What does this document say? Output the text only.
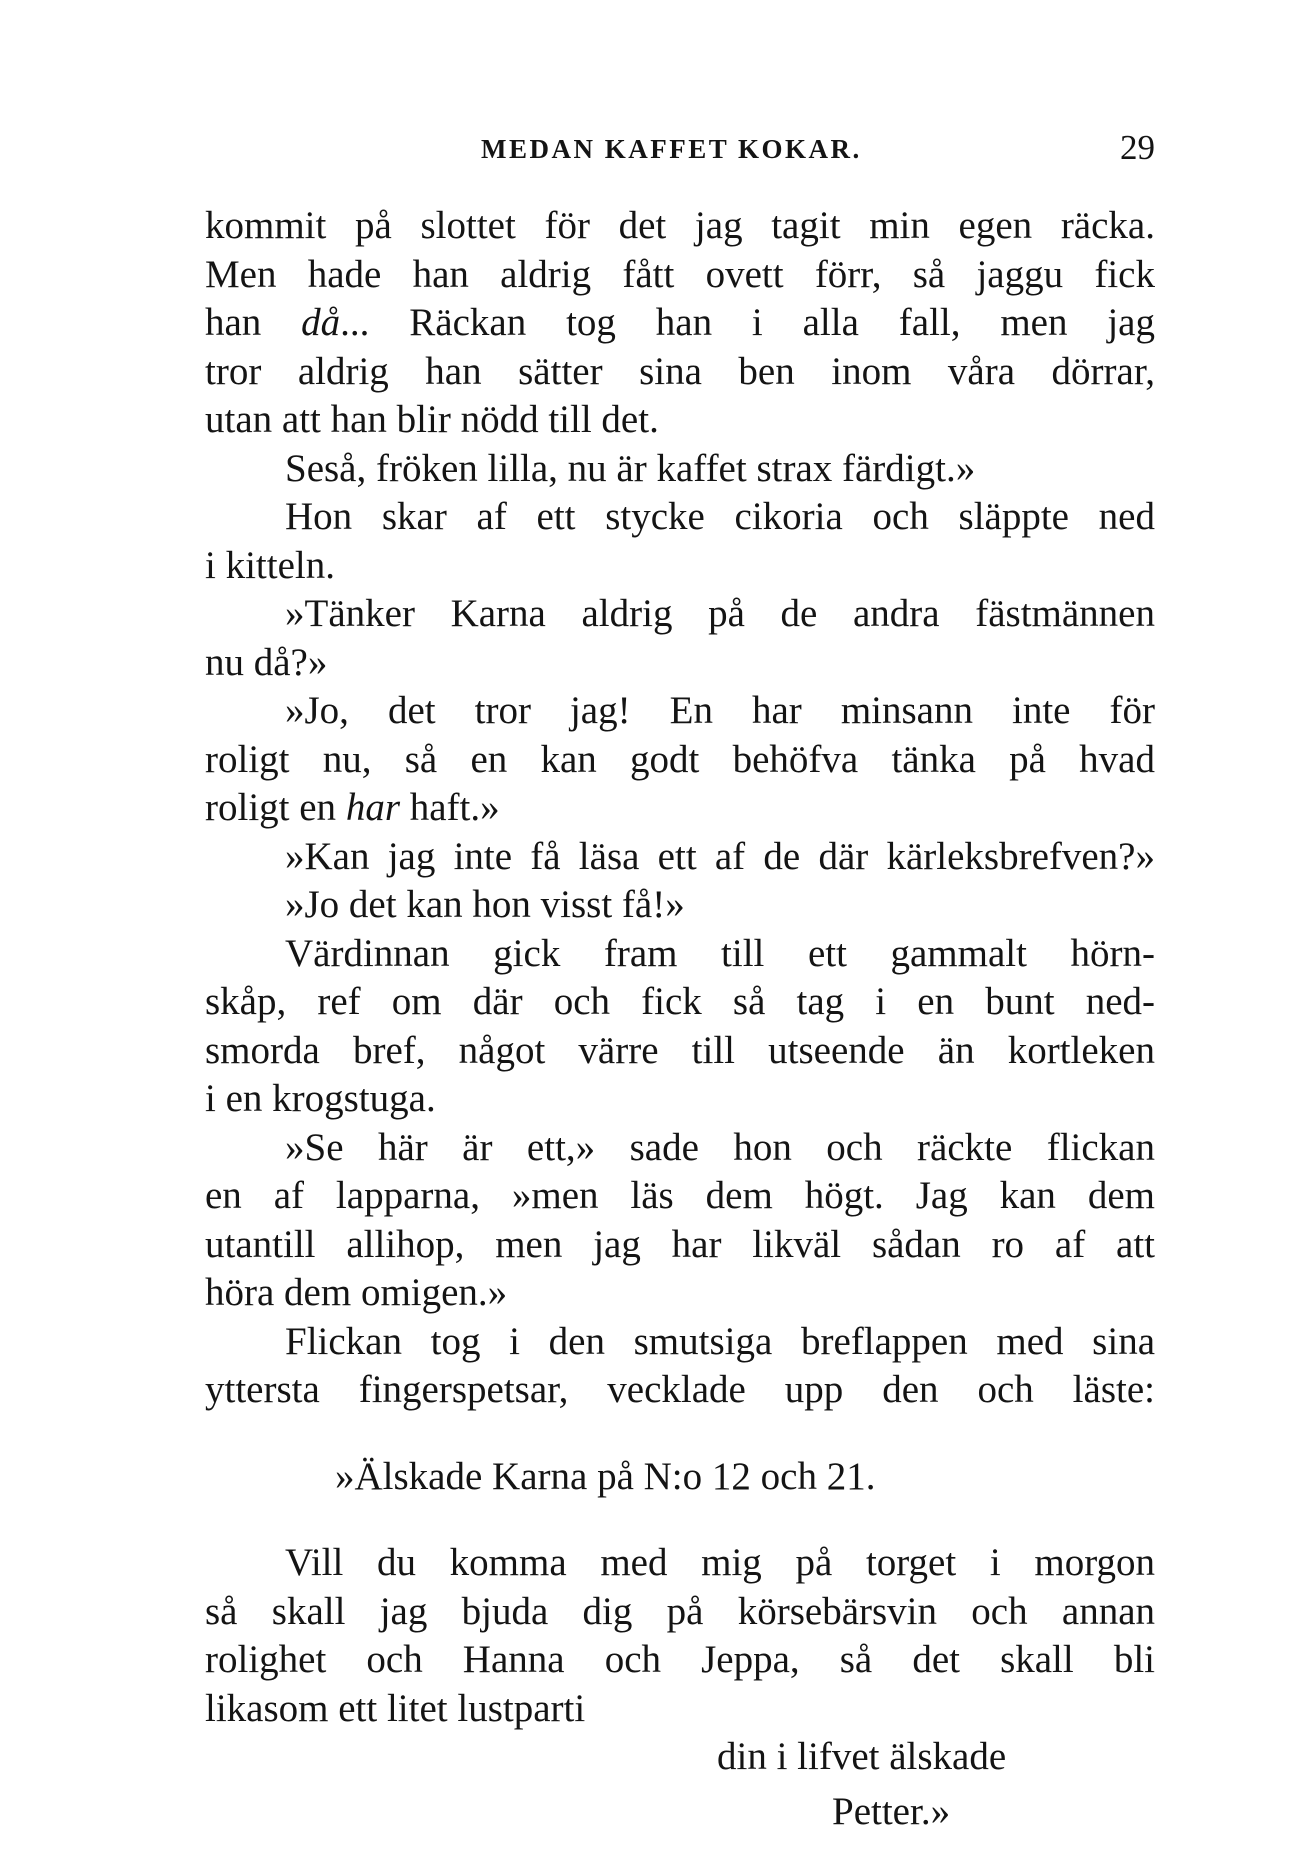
MEDAN KAFFET KOKAR.	29
kommit på slottet för det jag tagit min egen räcka.
Men hade han aldrig fått ovett förr, så jaggu fick
han då... Räckan tog han i alla fall, men jag
tror aldrig han sätter sina ben inom våra dörrar,
utan att han blir nödd till det.
Seså, fröken lilla, nu är kaffet strax färdigt.»
Hon skar af ett stycke cikoria och släppte ned
i kitteln.
»Tänker Karna aldrig på de andra fästmännen
nu då?»
»Jo, det tror jag! En har minsann inte för
roligt nu, så en kan godt behöfva tänka på hvad
roligt en har haft.»
»Kan jag inte få läsa ett af de där kärleksbrefven?»
»Jo det kan hon visst få!»
Värdinnan gick fram till ett gammalt hörn-
skåp, ref om där och fick så tag i en bunt ned-
smorda bref, något värre till utseende än kortleken
i en krogstuga.
»Se här är ett,» sade hon och räckte flickan
en af lapparna, »men läs dem högt. Jag kan dem
utantill allihop, men jag har likväl sådan ro af att
höra dem omigen.»
Flickan tog i den smutsiga breflappen med sina
yttersta fingerspetsar, vecklade upp den och läste:
»Älskade Karna på N:o 12 och 21.
Vill du komma med mig på torget i morgon
så skall jag bjuda dig på körsebärsvin och annan
rolighet och Hanna och Jeppa, så det skall bli
likasom ett litet lustparti
din i lifvet älskade
Petter.»
